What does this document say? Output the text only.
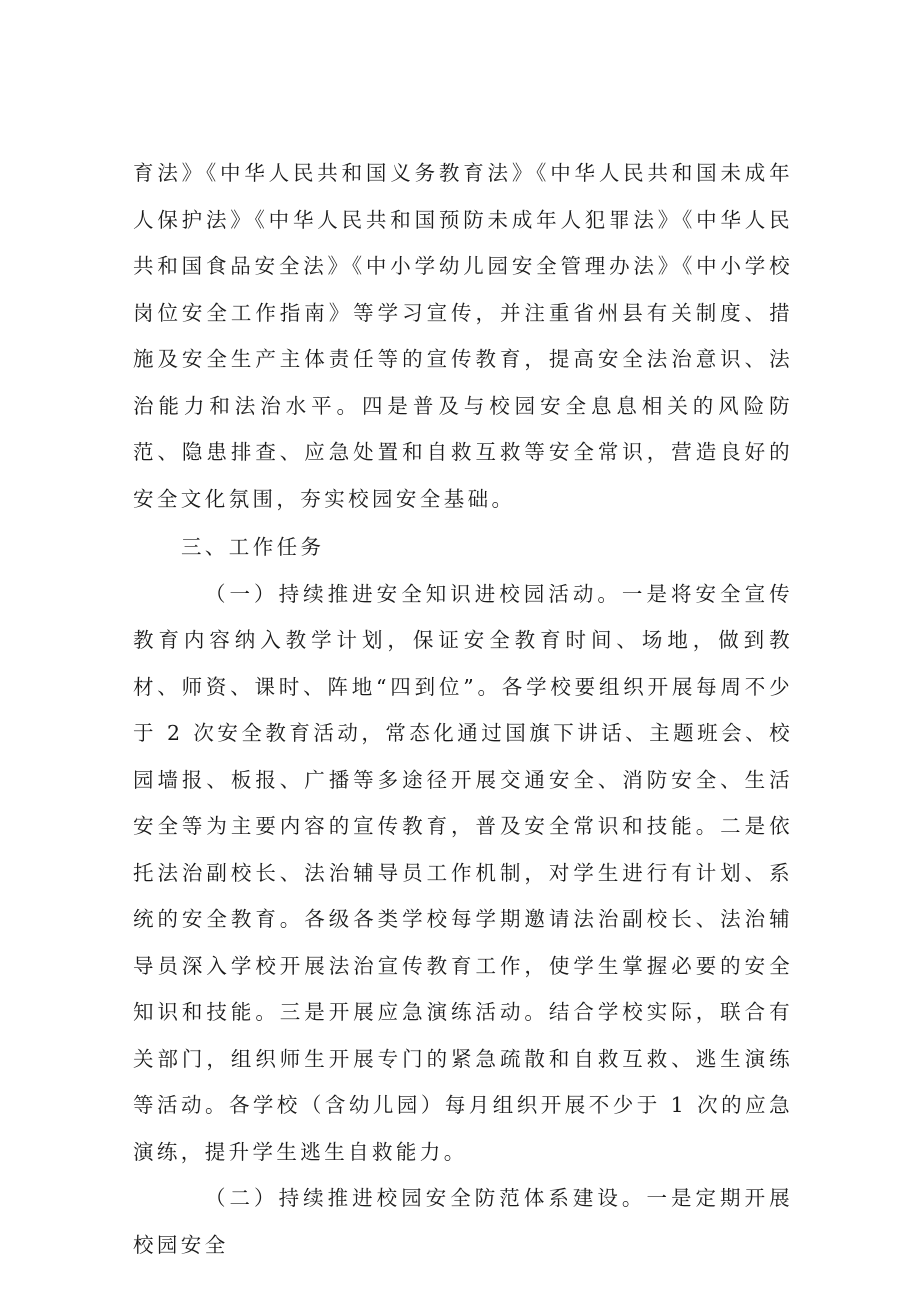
育法》《中华人民共和国义务教育法》《中华人民共和国未成年人保护法》《中华人民共和国预防未成年人犯罪法》《中华人民共和国食品安全法》《中小学幼儿园安全管理办法》《中小学校岗位安全工作指南》等学习宣传，并注重省州县有关制度、措施及安全生产主体责任等的宣传教育，提高安全法治意识、法治能力和法治水平。四是普及与校园安全息息相关的风险防范、隐患排查、应急处置和自救互救等安全常识，营造良好的安全文化氛围，夯实校园安全基础。

三、工作任务

（一）持续推进安全知识进校园活动。一是将安全宣传教育内容纳入教学计划，保证安全教育时间、场地，做到教材、师资、课时、阵地“四到位”。各学校要组织开展每周不少于 2 次安全教育活动，常态化通过国旗下讲话、主题班会、校园墙报、板报、广播等多途径开展交通安全、消防安全、生活安全等为主要内容的宣传教育，普及安全常识和技能。二是依托法治副校长、法治辅导员工作机制，对学生进行有计划、系统的安全教育。各级各类学校每学期邀请法治副校长、法治辅导员深入学校开展法治宣传教育工作，使学生掌握必要的安全知识和技能。三是开展应急演练活动。结合学校实际，联合有关部门，组织师生开展专门的紧急疏散和自救互救、逃生演练等活动。各学校（含幼儿园）每月组织开展不少于 1 次的应急演练，提升学生逃生自救能力。

（二）持续推进校园安全防范体系建设。一是定期开展校园安全
